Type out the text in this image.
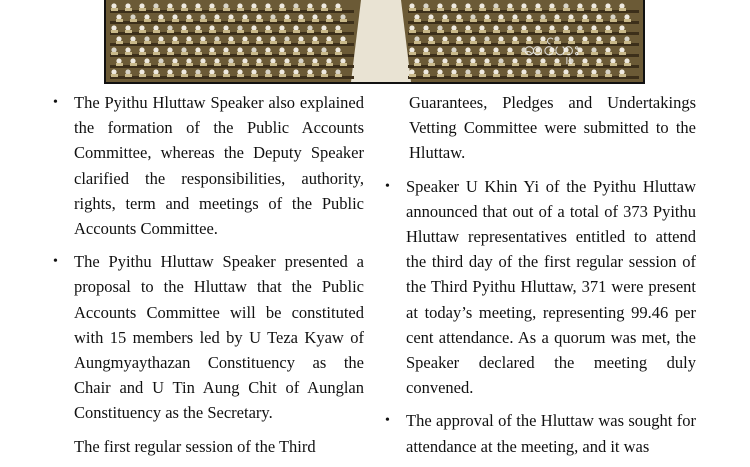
ဆင်ဟူး
• The Pyithu Hluttaw Speaker also explained the formation of the Public Accounts Committee, whereas the Deputy Speaker clarified the responsibilities, authority, rights, term and meetings of the Public Accounts Committee.
• The Pyithu Hluttaw Speaker presented a proposal to the Hluttaw that the Public Accounts Committee will be constituted with 15 members led by U Teza Kyaw of Aungmyaythazan Constituency as the Chair and U Tin Aung Chit of Aunglan Constituency as the Secretary.

The first regular session of the Third

Guarantees, Pledges and Undertakings Vetting Committee were submitted to the Hluttaw.

• Speaker U Khin Yi of the Pyithu Hluttaw announced that out of a total of 373 Pyithu Hluttaw representatives entitled to attend the third day of the first regular session of the Third Pyithu Hluttaw, 371 were present at today’s meeting, representing 99.46 per cent attendance. As a quorum was met, the Speaker declared the meeting duly convened.
• The approval of the Hluttaw was sought for attendance at the meeting, and it was
